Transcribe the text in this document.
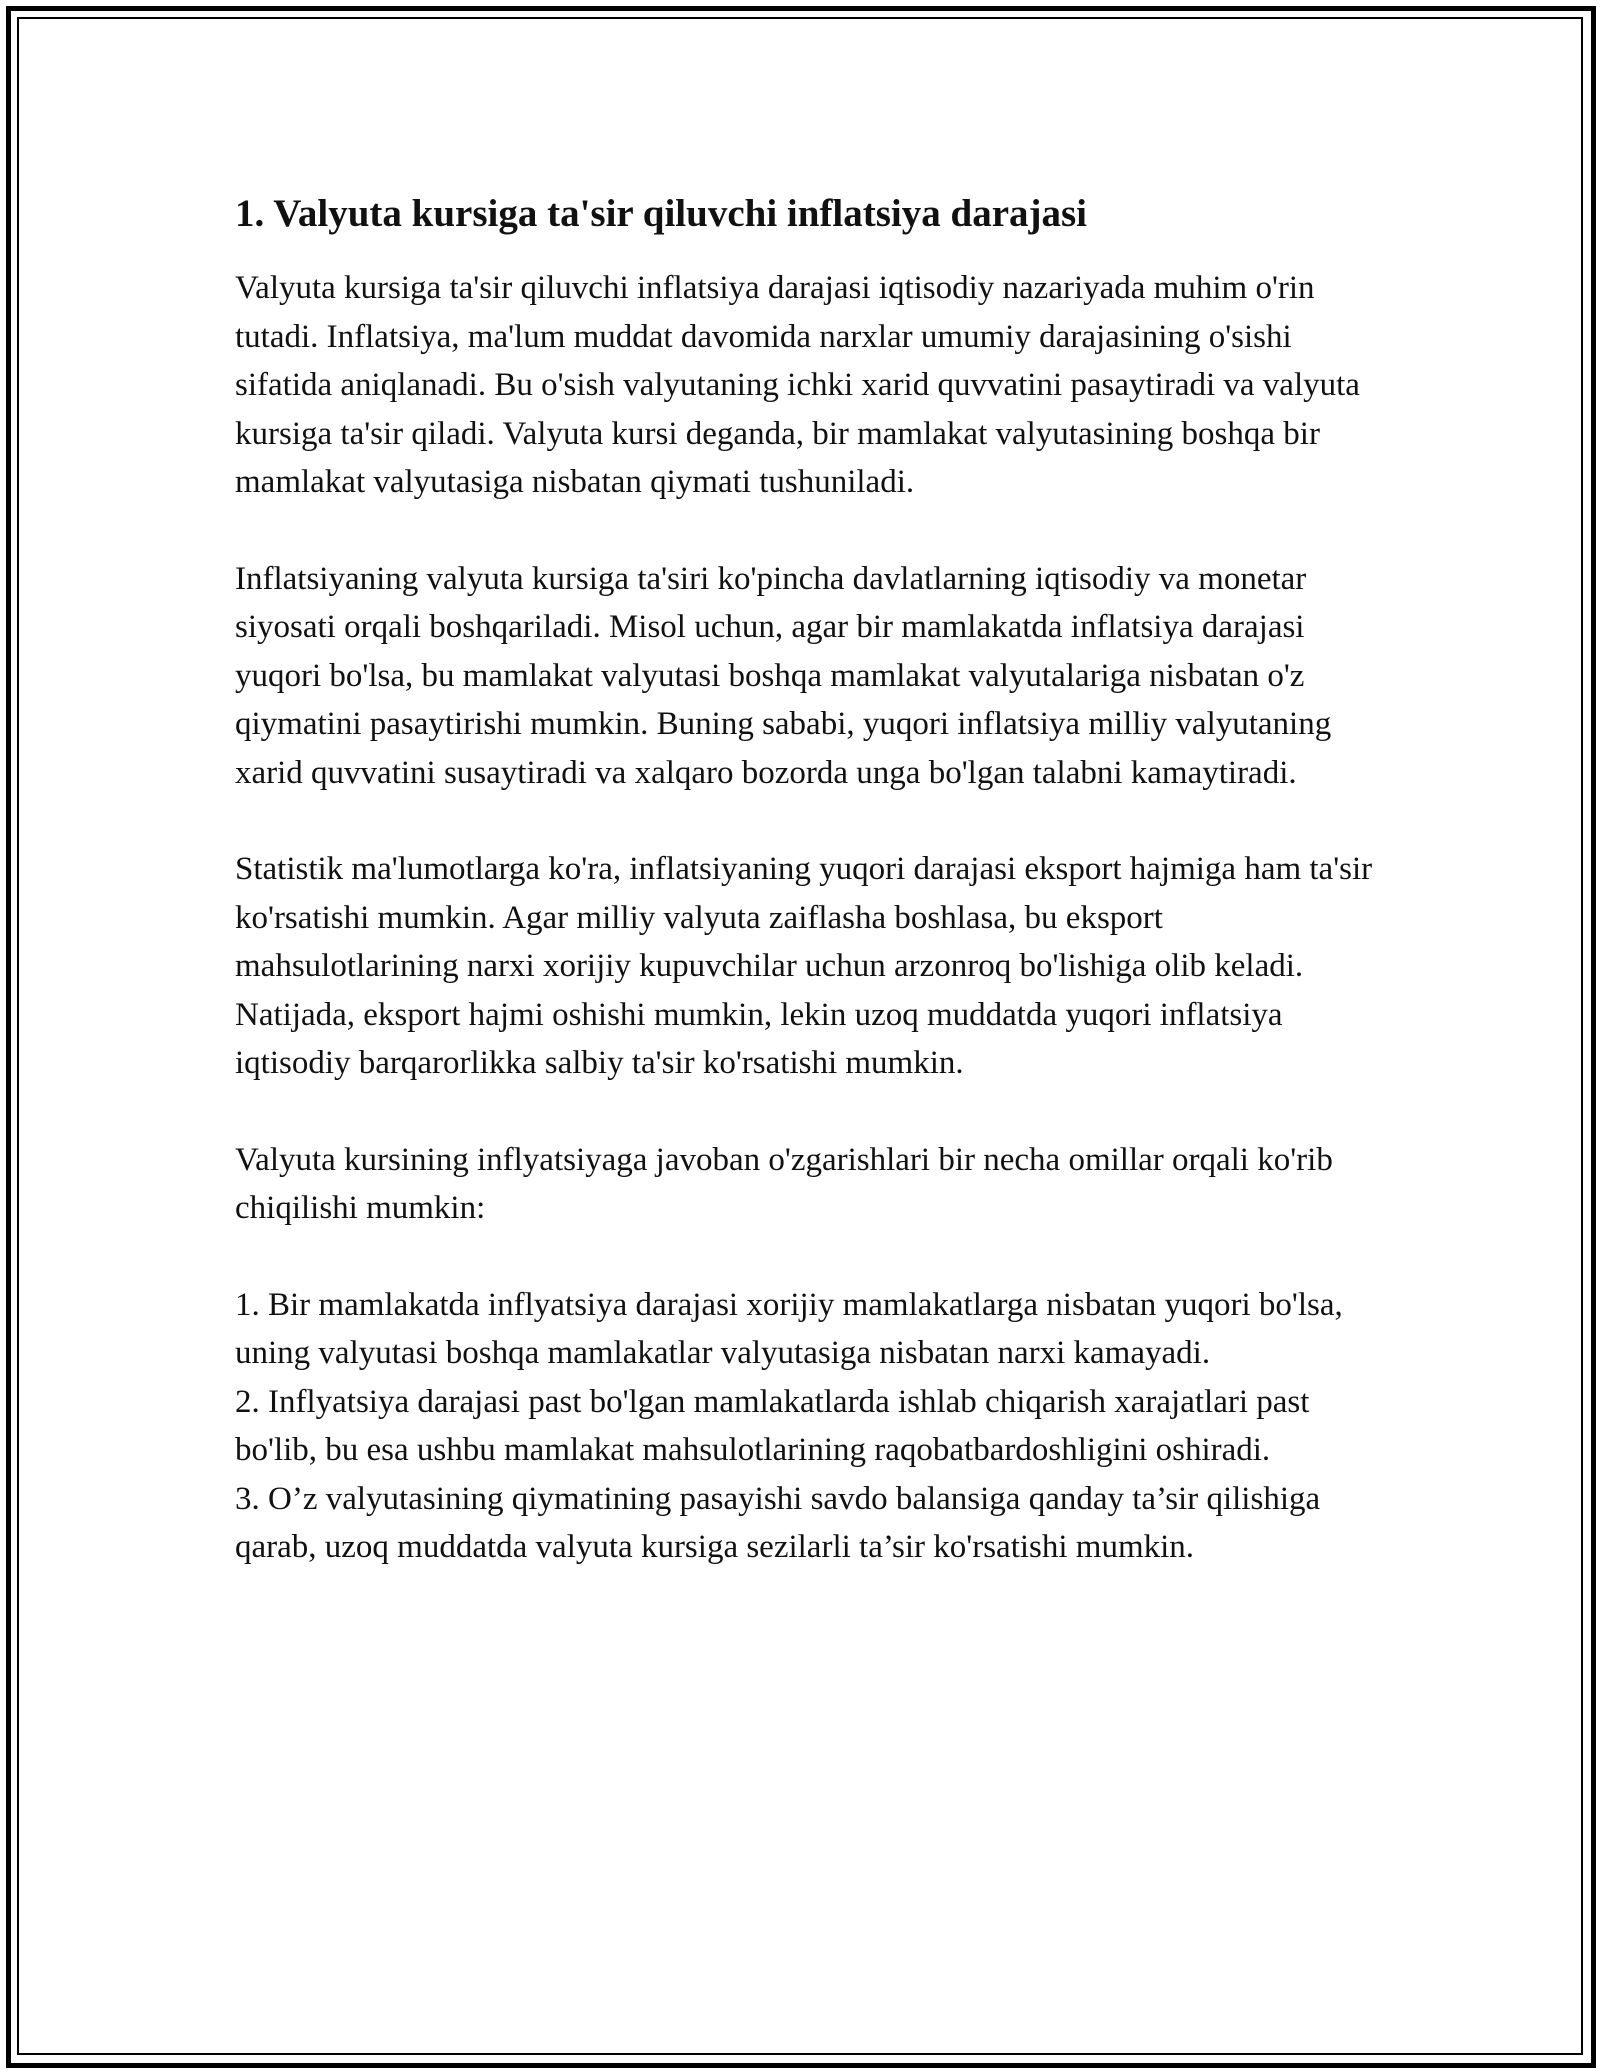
1. Valyuta kursiga ta'sir qiluvchi inflatsiya darajasi

Valyuta kursiga ta'sir qiluvchi inflatsiya darajasi iqtisodiy nazariyada muhim o'rin tutadi. Inflatsiya, ma'lum muddat davomida narxlar umumiy darajasining o'sishi sifatida aniqlanadi. Bu o'sish valyutaning ichki xarid quvvatini pasaytiradi va valyuta kursiga ta'sir qiladi. Valyuta kursi deganda, bir mamlakat valyutasining boshqa bir mamlakat valyutasiga nisbatan qiymati tushuniladi.

Inflatsiyaning valyuta kursiga ta'siri ko'pincha davlatlarning iqtisodiy va monetar siyosati orqali boshqariladi. Misol uchun, agar bir mamlakatda inflatsiya darajasi yuqori bo'lsa, bu mamlakat valyutasi boshqa mamlakat valyutalariga nisbatan o'z qiymatini pasaytirishi mumkin. Buning sababi, yuqori inflatsiya milliy valyutaning xarid quvvatini susaytiradi va xalqaro bozorda unga bo'lgan talabni kamaytiradi.

Statistik ma'lumotlarga ko'ra, inflatsiyaning yuqori darajasi eksport hajmiga ham ta'sir ko'rsatishi mumkin. Agar milliy valyuta zaiflasha boshlasa, bu eksport mahsulotlarining narxi xorijiy kupuvchilar uchun arzonroq bo'lishiga olib keladi. Natijada, eksport hajmi oshishi mumkin, lekin uzoq muddatda yuqori inflatsiya iqtisodiy barqarorlikka salbiy ta'sir ko'rsatishi mumkin.

Valyuta kursining inflyatsiyaga javoban o'zgarishlari bir necha omillar orqali ko'rib chiqilishi mumkin:

1. Bir mamlakatda inflyatsiya darajasi xorijiy mamlakatlarga nisbatan yuqori bo'lsa, uning valyutasi boshqa mamlakatlar valyutasiga nisbatan narxi kamayadi.
2. Inflyatsiya darajasi past bo'lgan mamlakatlarda ishlab chiqarish xarajatlari past bo'lib, bu esa ushbu mamlakat mahsulotlarining raqobatbardoshligini oshiradi.
3. O’z valyutasining qiymatining pasayishi savdo balansiga qanday ta’sir qilishiga qarab, uzoq muddatda valyuta kursiga sezilarli ta’sir ko'rsatishi mumkin.
